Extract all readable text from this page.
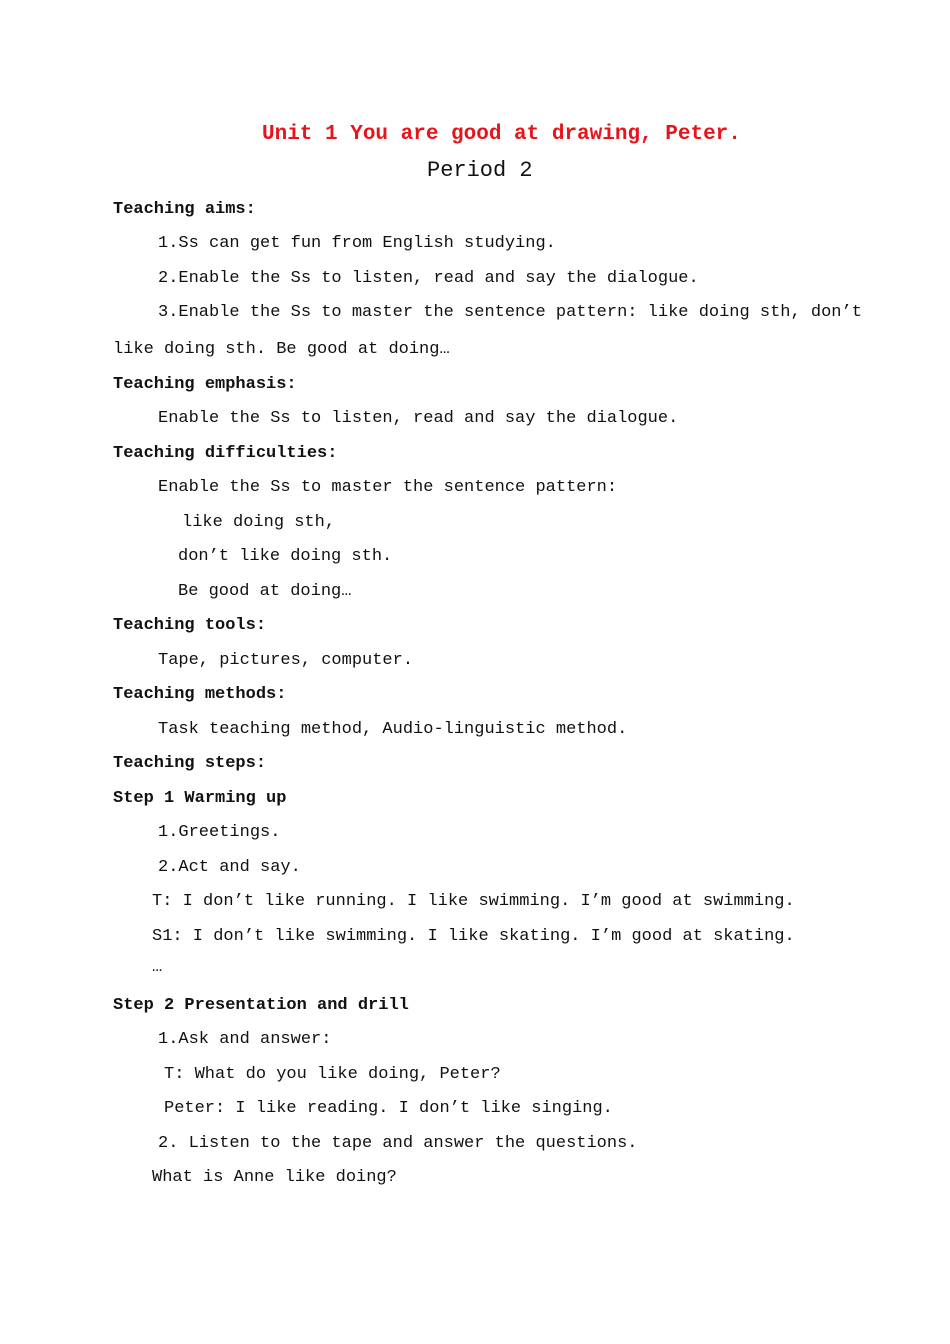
Unit 1 You are good at drawing, Peter.
Period 2
Teaching aims:
1.Ss can get fun from English studying.
2.Enable the Ss to listen, read and say the dialogue.
3.Enable the Ss to master the sentence pattern: like doing sth, don’t
like doing sth. Be good at doing…
Teaching emphasis:
Enable the Ss to listen, read and say the dialogue.
Teaching difficulties:
Enable the Ss to master the sentence pattern:
like doing sth,
don’t like doing sth.
Be good at doing…
Teaching tools:
Tape, pictures, computer.
Teaching methods:
Task teaching method, Audio-linguistic method.
Teaching steps:
Step 1 Warming up
1.Greetings.
2.Act and say.
T: I don’t like running. I like swimming. I’m good at swimming.
S1: I don’t like swimming. I like skating. I’m good at skating.
…
Step 2 Presentation and drill
1.Ask and answer:
T: What do you like doing, Peter?
Peter: I like reading. I don’t like singing.
2. Listen to the tape and answer the questions.
What is Anne like doing?
